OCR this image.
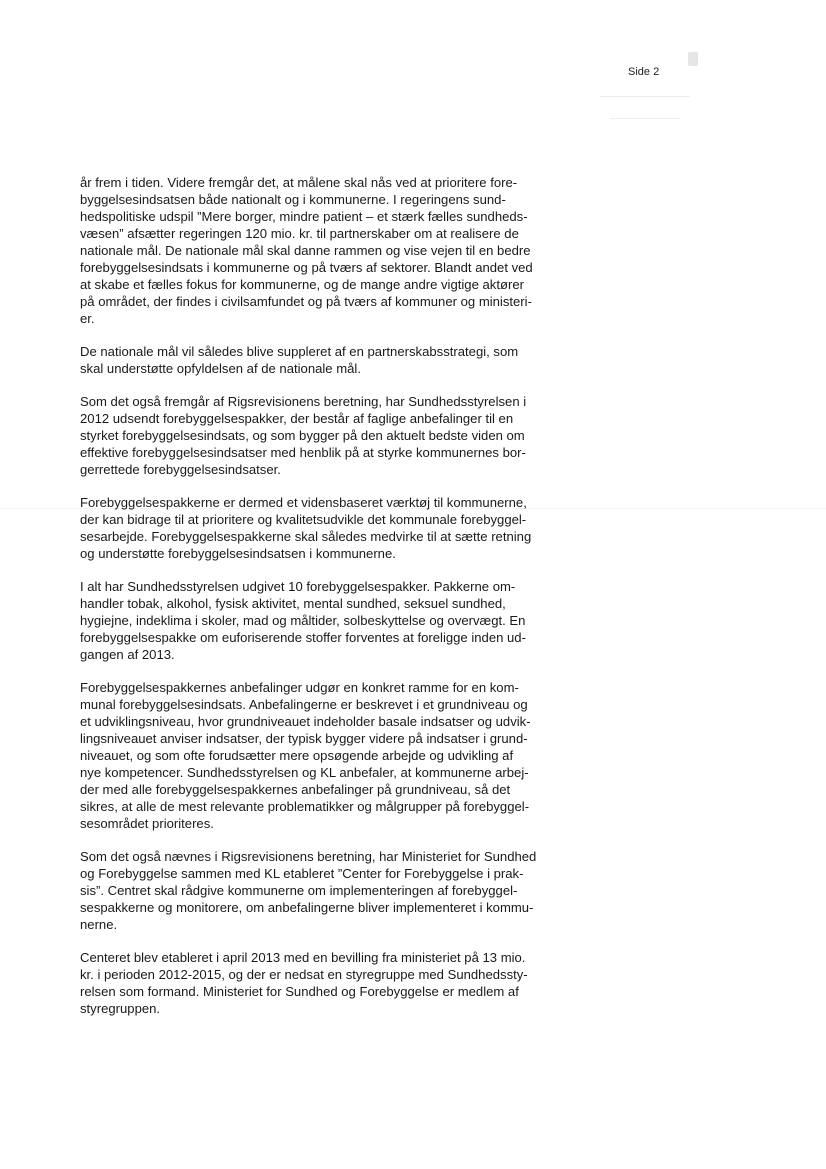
Side 2

år frem i tiden. Videre fremgår det, at målene skal nås ved at prioritere fore-
byggelsesindsatsen både nationalt og i kommunerne. I regeringens sund-
hedspolitiske udspil ”Mere borger, mindre patient – et stærk fælles sundheds-
væsen” afsætter regeringen 120 mio. kr. til partnerskaber om at realisere de
nationale mål. De nationale mål skal danne rammen og vise vejen til en bedre
forebyggelsesindsats i kommunerne og på tværs af sektorer. Blandt andet ved
at skabe et fælles fokus for kommunerne, og de mange andre vigtige aktører
på området, der findes i civilsamfundet og på tværs af kommuner og ministeri-
er.

De nationale mål vil således blive suppleret af en partnerskabsstrategi, som
skal understøtte opfyldelsen af de nationale mål.

Som det også fremgår af Rigsrevisionens beretning, har Sundhedsstyrelsen i
2012 udsendt forebyggelsespakker, der består af faglige anbefalinger til en
styrket forebyggelsesindsats, og som bygger på den aktuelt bedste viden om
effektive forebyggelsesindsatser med henblik på at styrke kommunernes bor-
gerrettede forebyggelsesindsatser.

Forebyggelsespakkerne er dermed et vidensbaseret værktøj til kommunerne,
der kan bidrage til at prioritere og kvalitetsudvikle det kommunale forebyggel-
sesarbejde. Forebyggelsespakkerne skal således medvirke til at sætte retning
og understøtte forebyggelsesindsatsen i kommunerne.

I alt har Sundhedsstyrelsen udgivet 10 forebyggelsespakker. Pakkerne om-
handler tobak, alkohol, fysisk aktivitet, mental sundhed, seksuel sundhed,
hygiejne, indeklima i skoler, mad og måltider, solbeskyttelse og overvægt. En
forebyggelsespakke om euforiserende stoffer forventes at foreligge inden ud-
gangen af 2013.

Forebyggelsespakkernes anbefalinger udgør en konkret ramme for en kom-
munal forebyggelsesindsats. Anbefalingerne er beskrevet i et grundniveau og
et udviklingsniveau, hvor grundniveauet indeholder basale indsatser og udvik-
lingsniveauet anviser indsatser, der typisk bygger videre på indsatser i grund-
niveauet, og som ofte forudsætter mere opsøgende arbejde og udvikling af
nye kompetencer. Sundhedsstyrelsen og KL anbefaler, at kommunerne arbej-
der med alle forebyggelsespakkernes anbefalinger på grundniveau, så det
sikres, at alle de mest relevante problematikker og målgrupper på forebyggel-
sesområdet prioriteres.

Som det også nævnes i Rigsrevisionens beretning, har Ministeriet for Sundhed
og Forebyggelse sammen med KL etableret ”Center for Forebyggelse i prak-
sis”. Centret skal rådgive kommunerne om implementeringen af forebyggel-
sespakkerne og monitorere, om anbefalingerne bliver implementeret i kommu-
nerne.

Centeret blev etableret i april 2013 med en bevilling fra ministeriet på 13 mio.
kr. i perioden 2012-2015, og der er nedsat en styregruppe med Sundhedssty-
relsen som formand. Ministeriet for Sundhed og Forebyggelse er medlem af
styregruppen.
